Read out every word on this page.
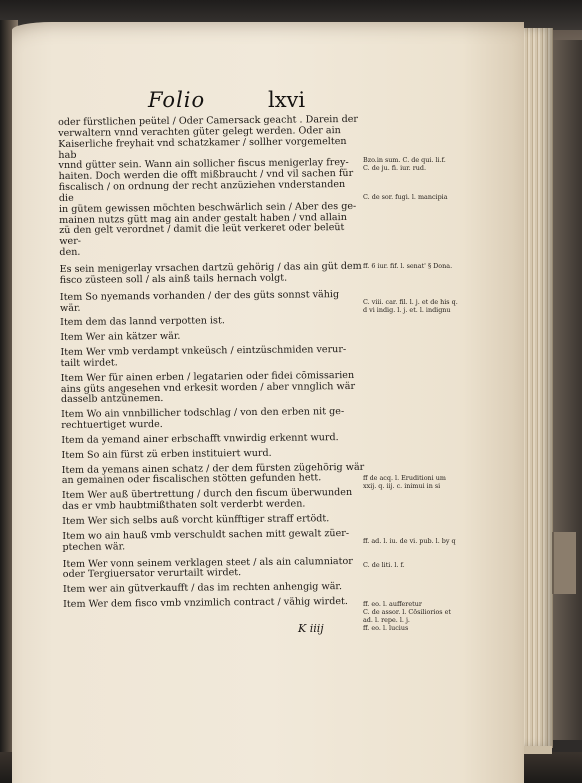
Folio	lxvi
oder fürstlichen peütel / Oder Camersack geacht . Darein der
verwaltern vnnd verachten güter gelegt werden. Oder ain
Kaiserliche freyhait vnd schatzkamer / sollher vorgemelten hab
vnnd gütter sein. Wann ain sollicher fiscus menigerlay frey-
haiten. Doch werden die offt mißbraucht / vnd vil sachen für
fiscalisch / on ordnung der recht anzüziehen vnderstanden die
in gütem gewissen möchten beschwärlich sein / Aber des ge-
mainen nutzs gütt mag ain ander gestalt haben / vnd allain
zü den gelt verordnet / damit die leüt verkeret oder beleüt wer-
den.
Es sein menigerlay vrsachen dartzü gehörig / das ain güt dem
fisco züsteen soll / als ainß tails hernach volgt.
Item So nyemands vorhanden / der des güts sonnst vähig
wär.
Item dem das lannd verpotten ist.
Item Wer ain kätzer wär.
Item Wer vmb verdampt vnkeüsch / eintzüschmiden verur-
tailt wirdet.
Item Wer für ainen erben / legatarien oder fidei cōmissarien
ains güts angesehen vnd erkesit worden / aber vnnglich wär
dasselb antzünemen.
Item Wo ain vnnbillicher todschlag / von den erben nit ge-
rechtuertiget wurde.
Item da yemand ainer erbschafft vnwirdig erkennt wurd.
Item So ain fürst zü erben instituiert wurd.
Item da yemans ainen schatz / der dem fürsten zügehörig wär
an gemainen oder fiscalischen stötten gefunden hett.
Item Wer auß übertrettung / durch den fiscum überwunden
das er vmb haubtmißthaten solt verderbt werden.
Item Wer sich selbs auß vorcht künfftiger straff ertödt.
Item wo ain hauß vmb verschuldt sachen mitt gewalt züer-
ptechen wär.
Item Wer vonn seinem verklagen steet / als ain calumniator
oder Tergiuersator verurtailt wirdet.
Item wer ain gütverkaufft / das im rechten anhengig wär.
Item Wer dem fisco vmb vnzimlich contract / vähig wirdet.
Bzo.in sum. C. de qui. li.f.
C. de ju. fi. iur. rud.
C. de sor. fugi. l. mancipia
ff. 6 iur. fif. l. senat' § Dona.
C. viii. car. fil. l. j. et de his q.
d vi indig. l. j. et. l. indignu
ff de acq. l. Eruditioni um
xxij. q. iij. c. inimui in si
ff. ad. l. iu. de vi. pub. l. by q
C. de liti. l. f.
ff. eo. l. aufferetur
C. de assor. l. Cōsiliorios et
ad. l. repe. l. j.
ff. eo. l. lucius
K iiij
